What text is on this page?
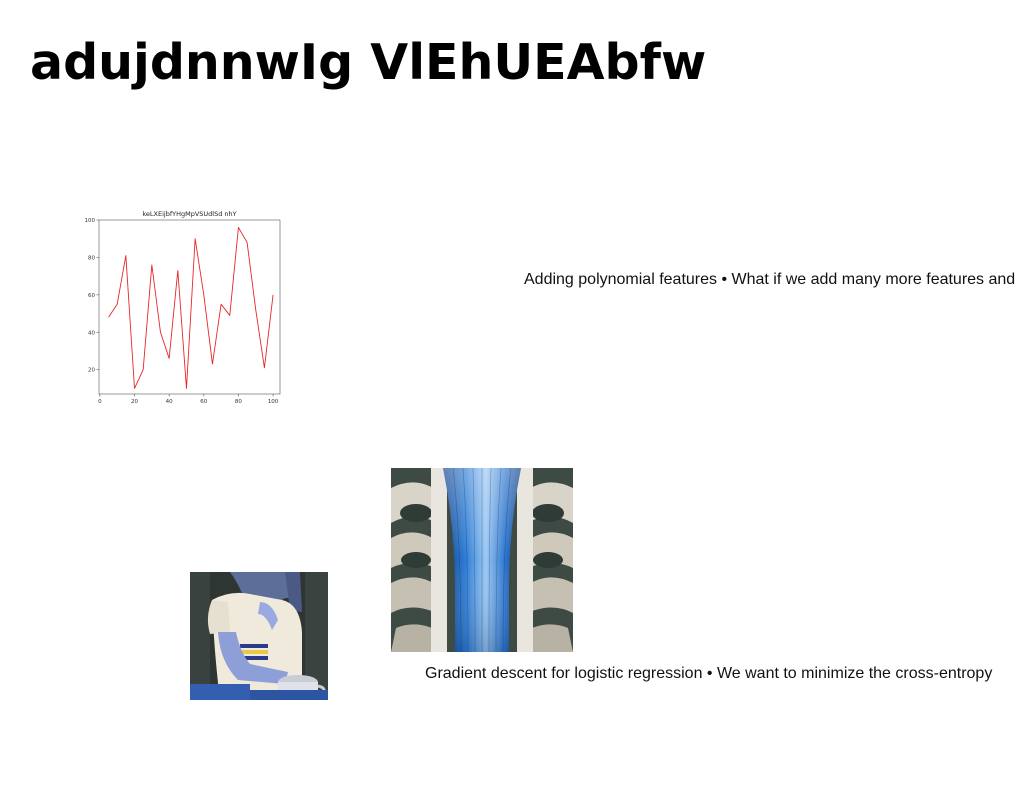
adujdnnwIg VlEhUEAbfw
keLXEijbfYHgMpVSUdlSd nhY
0	20	40	60	80	100
20
40
60
80
100
Adding polynomial features • What if we add many more features and
Gradient descent for logistic regression • We want to minimize the cross-entropy
